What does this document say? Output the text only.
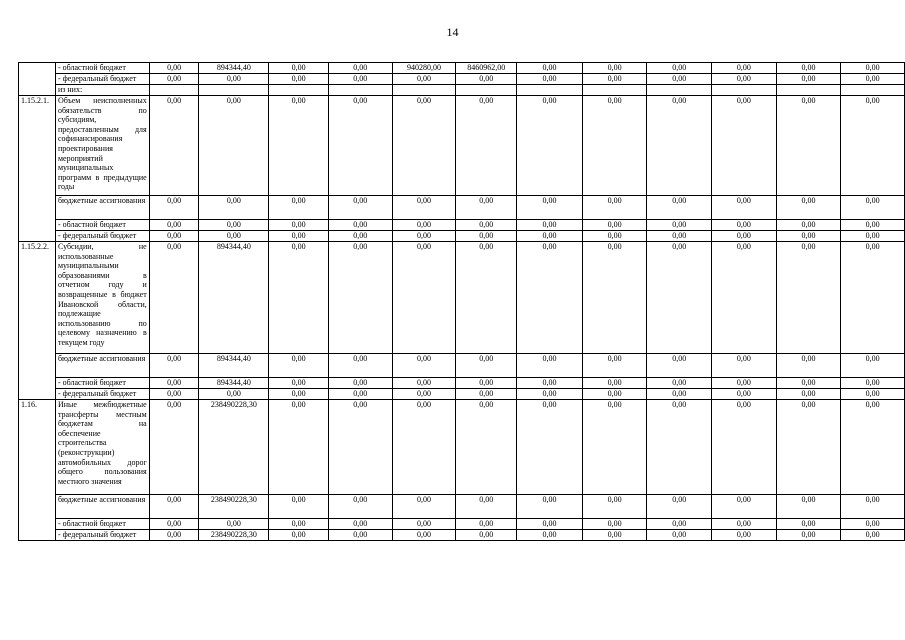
14
	- областной бюджет	0,00	894344,40	0,00	0,00	940280,00	8460962,00	0,00	0,00	0,00	0,00	0,00	0,00
	- федеральный бюджет	0,00	0,00	0,00	0,00	0,00	0,00	0,00	0,00	0,00	0,00	0,00	0,00
	из них:												
1.15.2.1.	Объем неисполненных обязательств по субсидиям, предоставленным для софинансирования проектирования мероприятий муниципальных программ в предыдущие годы	0,00	0,00	0,00	0,00	0,00	0,00	0,00	0,00	0,00	0,00	0,00	0,00
	бюджетные ассигнования	0,00	0,00	0,00	0,00	0,00	0,00	0,00	0,00	0,00	0,00	0,00	0,00
	- областной бюджет	0,00	0,00	0,00	0,00	0,00	0,00	0,00	0,00	0,00	0,00	0,00	0,00
	- федеральный бюджет	0,00	0,00	0,00	0,00	0,00	0,00	0,00	0,00	0,00	0,00	0,00	0,00
1.15.2.2.	Субсидии, не использованные муниципальными образованиями в отчетном году и возвращенные в бюджет Ивановской области, подлежащие использованию по целевому назначению в текущем году	0,00	894344,40	0,00	0,00	0,00	0,00	0,00	0,00	0,00	0,00	0,00	0,00
	бюджетные ассигнования	0,00	894344,40	0,00	0,00	0,00	0,00	0,00	0,00	0,00	0,00	0,00	0,00
	- областной бюджет	0,00	894344,40	0,00	0,00	0,00	0,00	0,00	0,00	0,00	0,00	0,00	0,00
	- федеральный бюджет	0,00	0,00	0,00	0,00	0,00	0,00	0,00	0,00	0,00	0,00	0,00	0,00
1.16.	Иные межбюджетные трансферты местным бюджетам на обеспечение строительства (реконструкции) автомобильных дорог общего пользования местного значения	0,00	238490228,30	0,00	0,00	0,00	0,00	0,00	0,00	0,00	0,00	0,00	0,00
	бюджетные ассигнования	0,00	238490228,30	0,00	0,00	0,00	0,00	0,00	0,00	0,00	0,00	0,00	0,00
	- областной бюджет	0,00	0,00	0,00	0,00	0,00	0,00	0,00	0,00	0,00	0,00	0,00	0,00
	- федеральный бюджет	0,00	238490228,30	0,00	0,00	0,00	0,00	0,00	0,00	0,00	0,00	0,00	0,00
